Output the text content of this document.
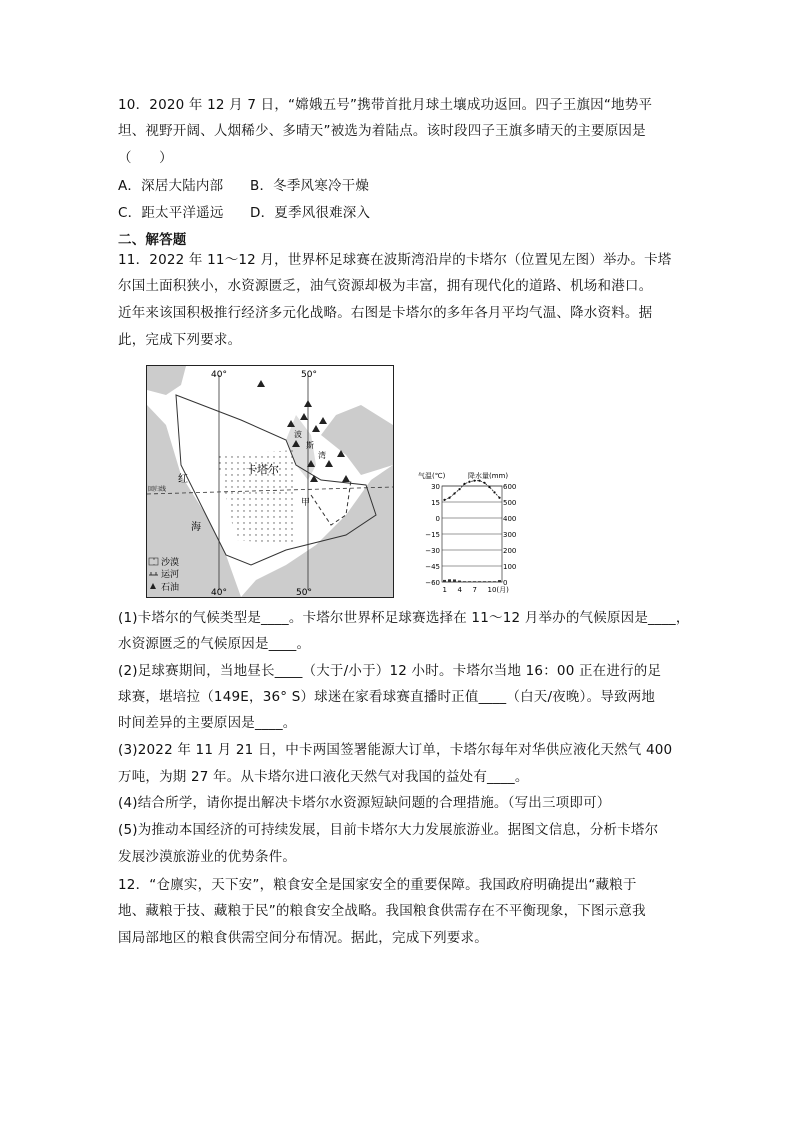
10．2020 年 12 月 7 日，“嫦娥五号”携带首批月球土壤成功返回。四子王旗因“地势平
坦、视野开阔、人烟稀少、多晴天”被选为着陆点。该时段四子王旗多晴天的主要原因是
（　　）
A．深居大陆内部 B．冬季风寒冷干燥
C．距太平洋遥远 D．夏季风很难深入
二、解答题
11．2022 年 11～12 月，世界杯足球赛在波斯湾沿岸的卡塔尔（位置见左图）举办。卡塔
尔国土面积狭小，水资源匮乏，油气资源却极为丰富，拥有现代化的道路、机场和港口。
近年来该国积极推行经济多元化战略。右图是卡塔尔的多年各月平均气温、降水资料。据
此，完成下列要求。
40°	50°
40°	50°
卡塔尔
红
海
甲
回归线
波
斯
湾
沙漠
运河
石油
气温(℃)	降水量(mm)
30	600
15	500
0	400
−15	300
−30	200
−45	100
−60	0
1 4 7 10(月)
(1)卡塔尔的气候类型是____。卡塔尔世界杯足球赛选择在 11～12 月举办的气候原因是____，
水资源匮乏的气候原因是____。
(2)足球赛期间，当地昼长____（大于/小于）12 小时。卡塔尔当地 16：00 正在进行的足
球赛，堪培拉（149E，36° S）球迷在家看球赛直播时正值____（白天/夜晚）。导致两地
时间差异的主要原因是____。
(3)2022 年 11 月 21 日，中卡两国签署能源大订单，卡塔尔每年对华供应液化天然气 400
万吨，为期 27 年。从卡塔尔进口液化天然气对我国的益处有____。
(4)结合所学，请你提出解决卡塔尔水资源短缺问题的合理措施。（写出三项即可）
(5)为推动本国经济的可持续发展，目前卡塔尔大力发展旅游业。据图文信息，分析卡塔尔
发展沙漠旅游业的优势条件。
12．“仓廪实，天下安”，粮食安全是国家安全的重要保障。我国政府明确提出“藏粮于
地、藏粮于技、藏粮于民”的粮食安全战略。我国粮食供需存在不平衡现象，下图示意我
国局部地区的粮食供需空间分布情况。据此，完成下列要求。
